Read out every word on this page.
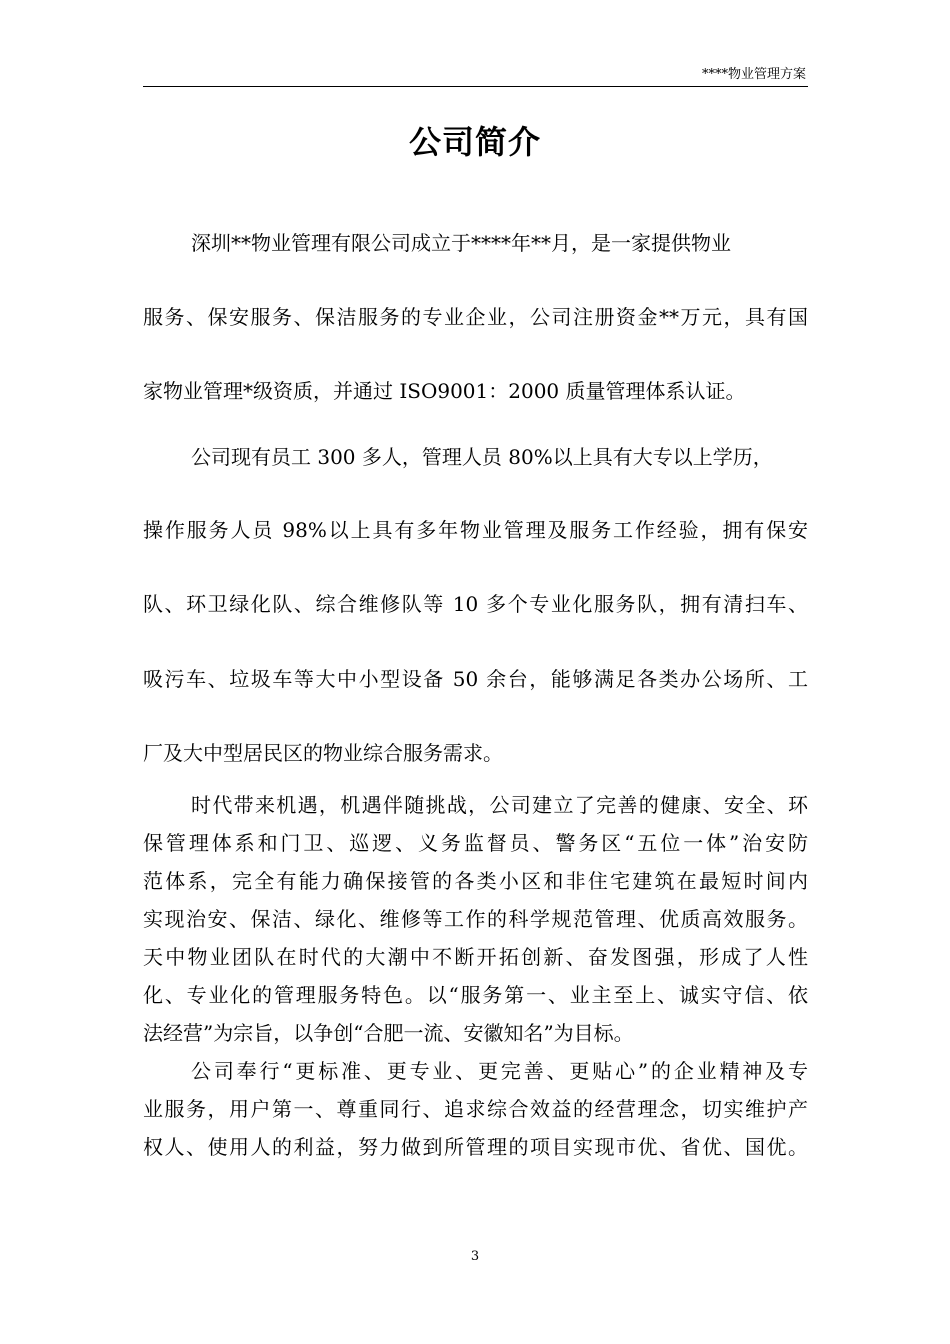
****物业管理方案
公司简介
深圳**物业管理有限公司成立于****年**月，是一家提供物业
服务、保安服务、保洁服务的专业企业，公司注册资金**万元，具有国
家物业管理*级资质，并通过 ISO9001：2000 质量管理体系认证。
公司现有员工 300 多人，管理人员 80%以上具有大专以上学历，
操作服务人员 98%以上具有多年物业管理及服务工作经验，拥有保安
队、环卫绿化队、综合维修队等 10 多个专业化服务队，拥有清扫车、
吸污车、垃圾车等大中小型设备 50 余台，能够满足各类办公场所、工
厂及大中型居民区的物业综合服务需求。
时代带来机遇，机遇伴随挑战，公司建立了完善的健康、安全、环
保管理体系和门卫、巡逻、义务监督员、警务区“五位一体”治安防
范体系，完全有能力确保接管的各类小区和非住宅建筑在最短时间内
实现治安、保洁、绿化、维修等工作的科学规范管理、优质高效服务。
天中物业团队在时代的大潮中不断开拓创新、奋发图强，形成了人性
化、专业化的管理服务特色。以“服务第一、业主至上、诚实守信、依
法经营”为宗旨，以争创“合肥一流、安徽知名”为目标。
公司奉行“更标准、更专业、更完善、更贴心”的企业精神及专
业服务，用户第一、尊重同行、追求综合效益的经营理念，切实维护产
权人、使用人的利益，努力做到所管理的项目实现市优、省优、国优。
3
